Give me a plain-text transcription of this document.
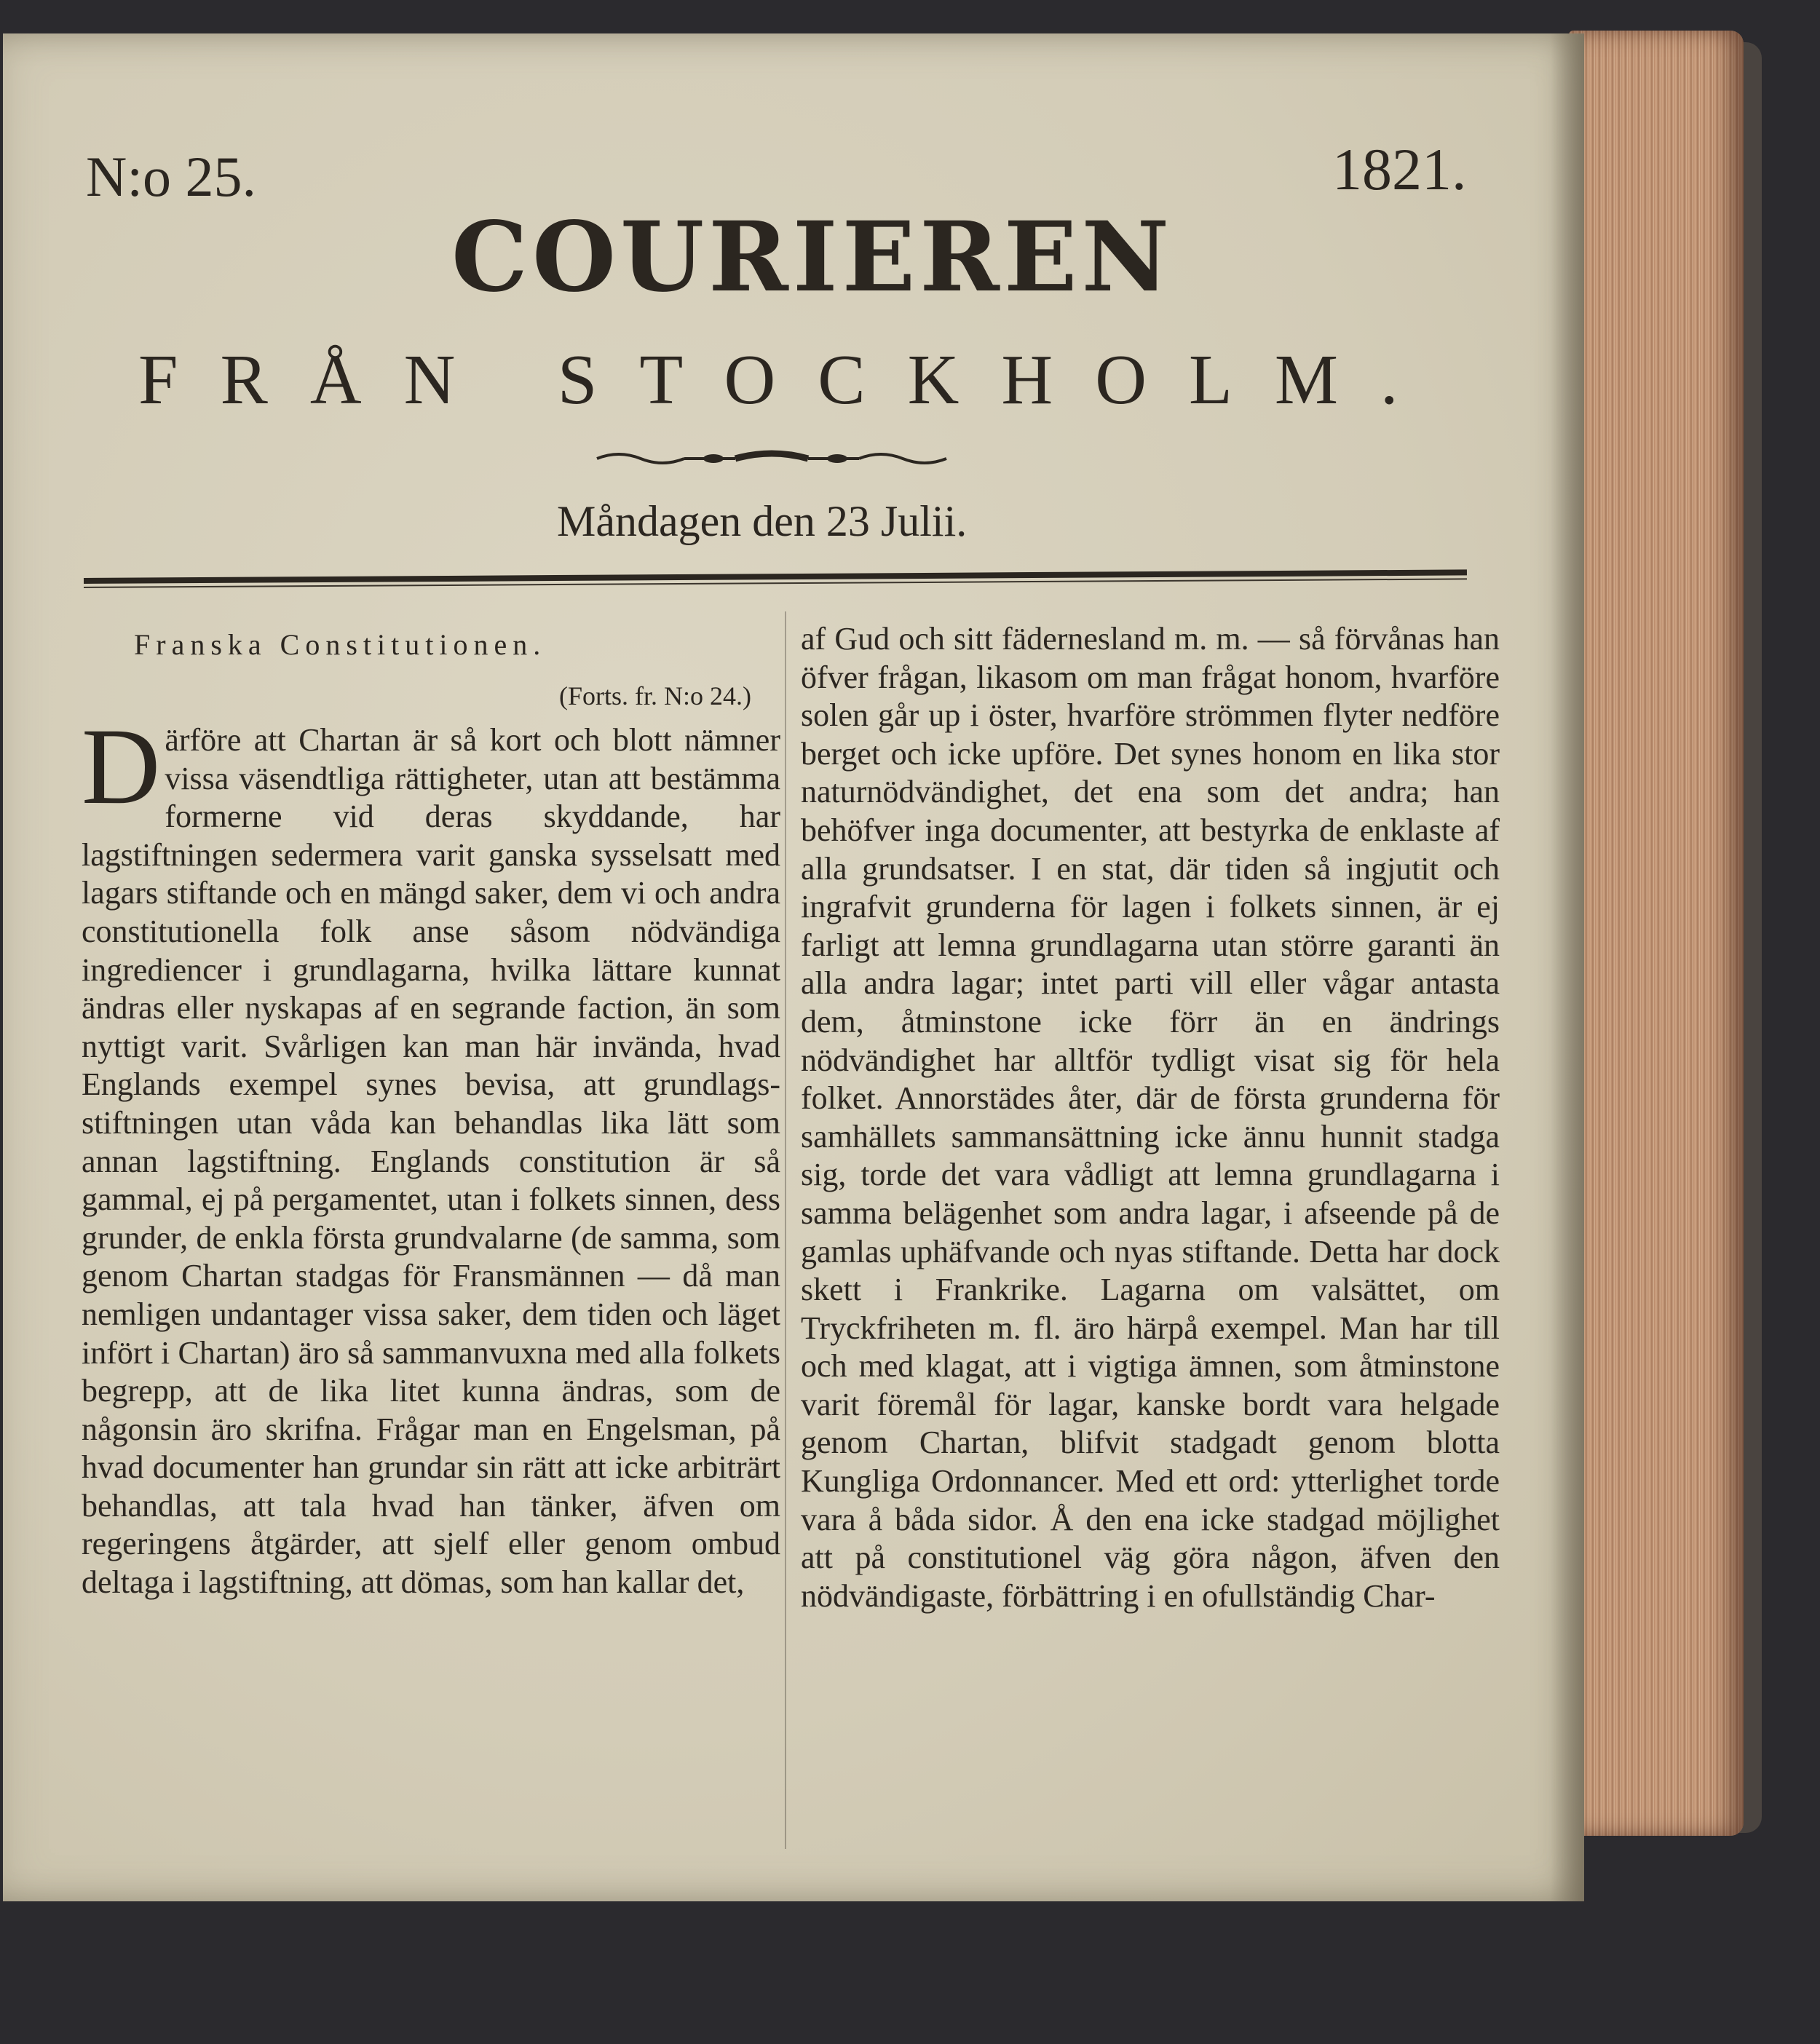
N:o 25.	1821.
COURIEREN
FRÅN STOCKHOLM.
Måndagen den 23 Julii.
Franska Constitutionen.
(Forts. fr. N:o 24.)

Därföre att Chartan är så kort och blott nämner vissa väsendtliga rättigheter, utan att bestämma formerne vid deras skyddande, har lagstiftningen sedermera varit ganska sysselsatt med lagars stiftande och en mängd saker, dem vi och andra constitutionella folk anse såsom nödvändiga ingrediencer i grundlagarna, hvilka lättare kunnat ändras eller nyskapas af en segrande faction, än som nyttigt varit. Svårligen kan man här invända, hvad Englands exempel synes bevisa, att grundlags-stiftningen utan våda kan behandlas lika lätt som annan lagstiftning. Englands constitution är så gammal, ej på pergamentet, utan i folkets sinnen, dess grunder, de enkla första grundvalarne (de samma, som genom Chartan stadgas för Fransmännen — då man nemligen undantager vissa saker, dem tiden och läget infört i Chartan) äro så sammanvuxna med alla folkets begrepp, att de lika litet kunna ändras, som de någonsin äro skrifna. Frågar man en Engelsman, på hvad documenter han grundar sin rätt att icke arbiträrt behandlas, att tala hvad han tänker, äfven om regeringens åtgärder, att sjelf eller genom ombud deltaga i lagstiftning, att dömas, som han kallar det,

af Gud och sitt fädernesland m. m. — så förvånas han öfver frågan, likasom om man frågat honom, hvarföre solen går up i öster, hvarföre strömmen flyter nedföre berget och icke upföre. Det synes honom en lika stor naturnödvändighet, det ena som det andra; han behöfver inga documenter, att bestyrka de enklaste af alla grundsatser. I en stat, där tiden så ingjutit och ingrafvit grunderna för lagen i folkets sinnen, är ej farligt att lemna grundlagarna utan större garanti än alla andra lagar; intet parti vill eller vågar antasta dem, åtminstone icke förr än en ändrings nödvändighet har alltför tydligt visat sig för hela folket. Annorstädes åter, där de första grunderna för samhällets sammansättning icke ännu hunnit stadga sig, torde det vara vådligt att lemna grundlagarna i samma belägenhet som andra lagar, i afseende på de gamlas uphäfvande och nyas stiftande. Detta har dock skett i Frankrike. Lagarna om valsättet, om Tryckfriheten m. fl. äro härpå exempel. Man har till och med klagat, att i vigtiga ämnen, som åtminstone varit föremål för lagar, kanske bordt vara helgade genom Chartan, blifvit stadgadt genom blotta Kungliga Ordonnancer. Med ett ord: ytterlighet torde vara å båda sidor. Å den ena icke stadgad möjlighet att på constitutionel väg göra någon, äfven den nödvändigaste, förbättring i en ofullständig Char-
